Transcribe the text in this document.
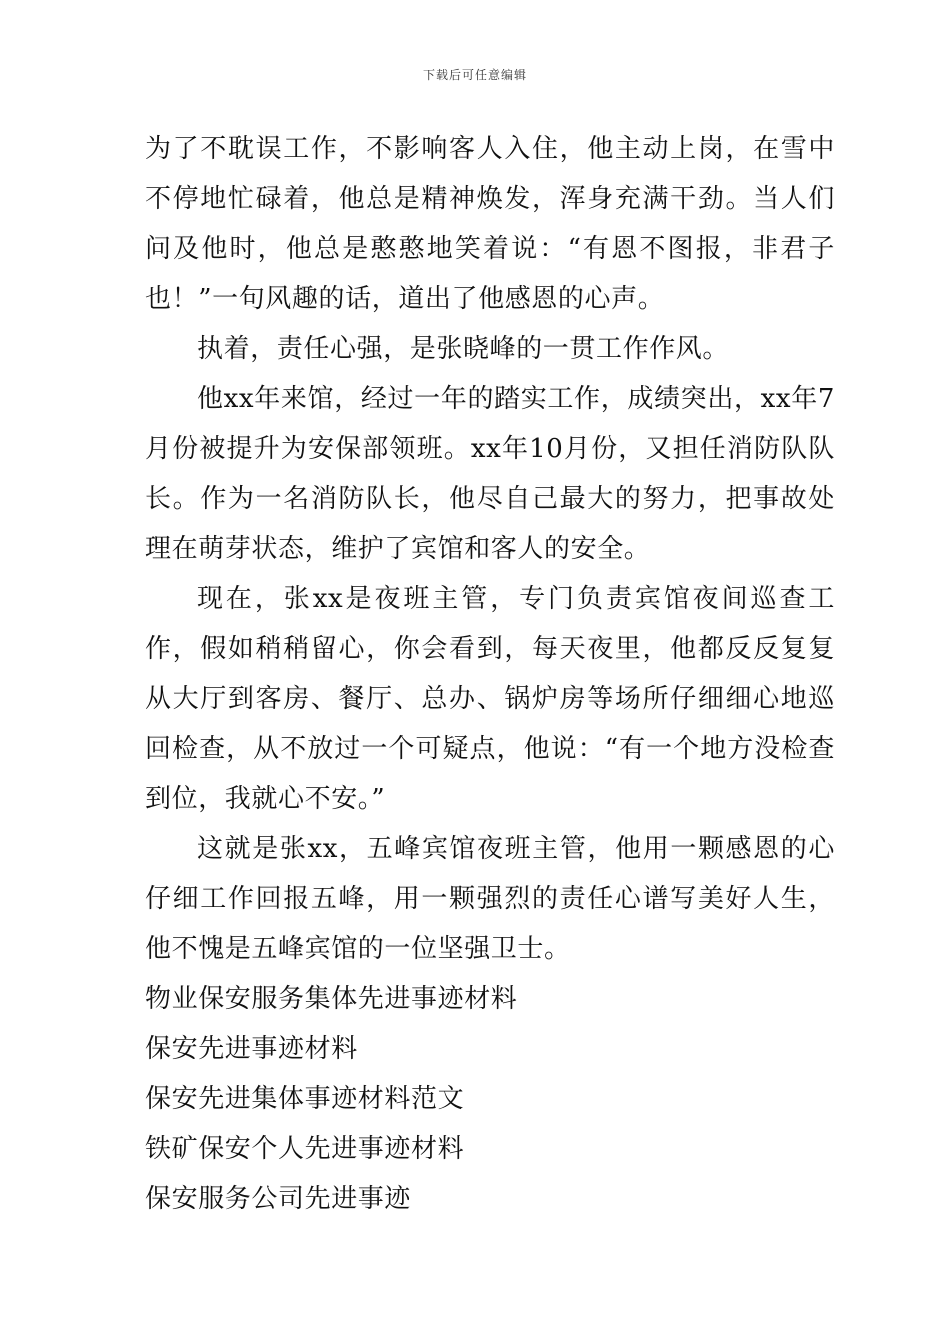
下载后可任意编辑

为了不耽误工作，不影响客人入住，他主动上岗，在雪中不停地忙碌着，他总是精神焕发，浑身充满干劲。当人们问及他时，他总是憨憨地笑着说：“有恩不图报，非君子也！”一句风趣的话，道出了他感恩的心声。

执着，责任心强，是张晓峰的一贯工作作风。

他xx年来馆，经过一年的踏实工作，成绩突出，xx年7月份被提升为安保部领班。xx年10月份，又担任消防队队长。作为一名消防队长，他尽自己最大的努力，把事故处理在萌芽状态，维护了宾馆和客人的安全。

现在，张xx是夜班主管，专门负责宾馆夜间巡查工作，假如稍稍留心，你会看到，每天夜里，他都反反复复从大厅到客房、餐厅、总办、锅炉房等场所仔细细心地巡回检查，从不放过一个可疑点，他说：“有一个地方没检查到位，我就心不安。”

这就是张xx，五峰宾馆夜班主管，他用一颗感恩的心仔细工作回报五峰，用一颗强烈的责任心谱写美好人生，他不愧是五峰宾馆的一位坚强卫士。

物业保安服务集体先进事迹材料

保安先进事迹材料

保安先进集体事迹材料范文

铁矿保安个人先进事迹材料

保安服务公司先进事迹
